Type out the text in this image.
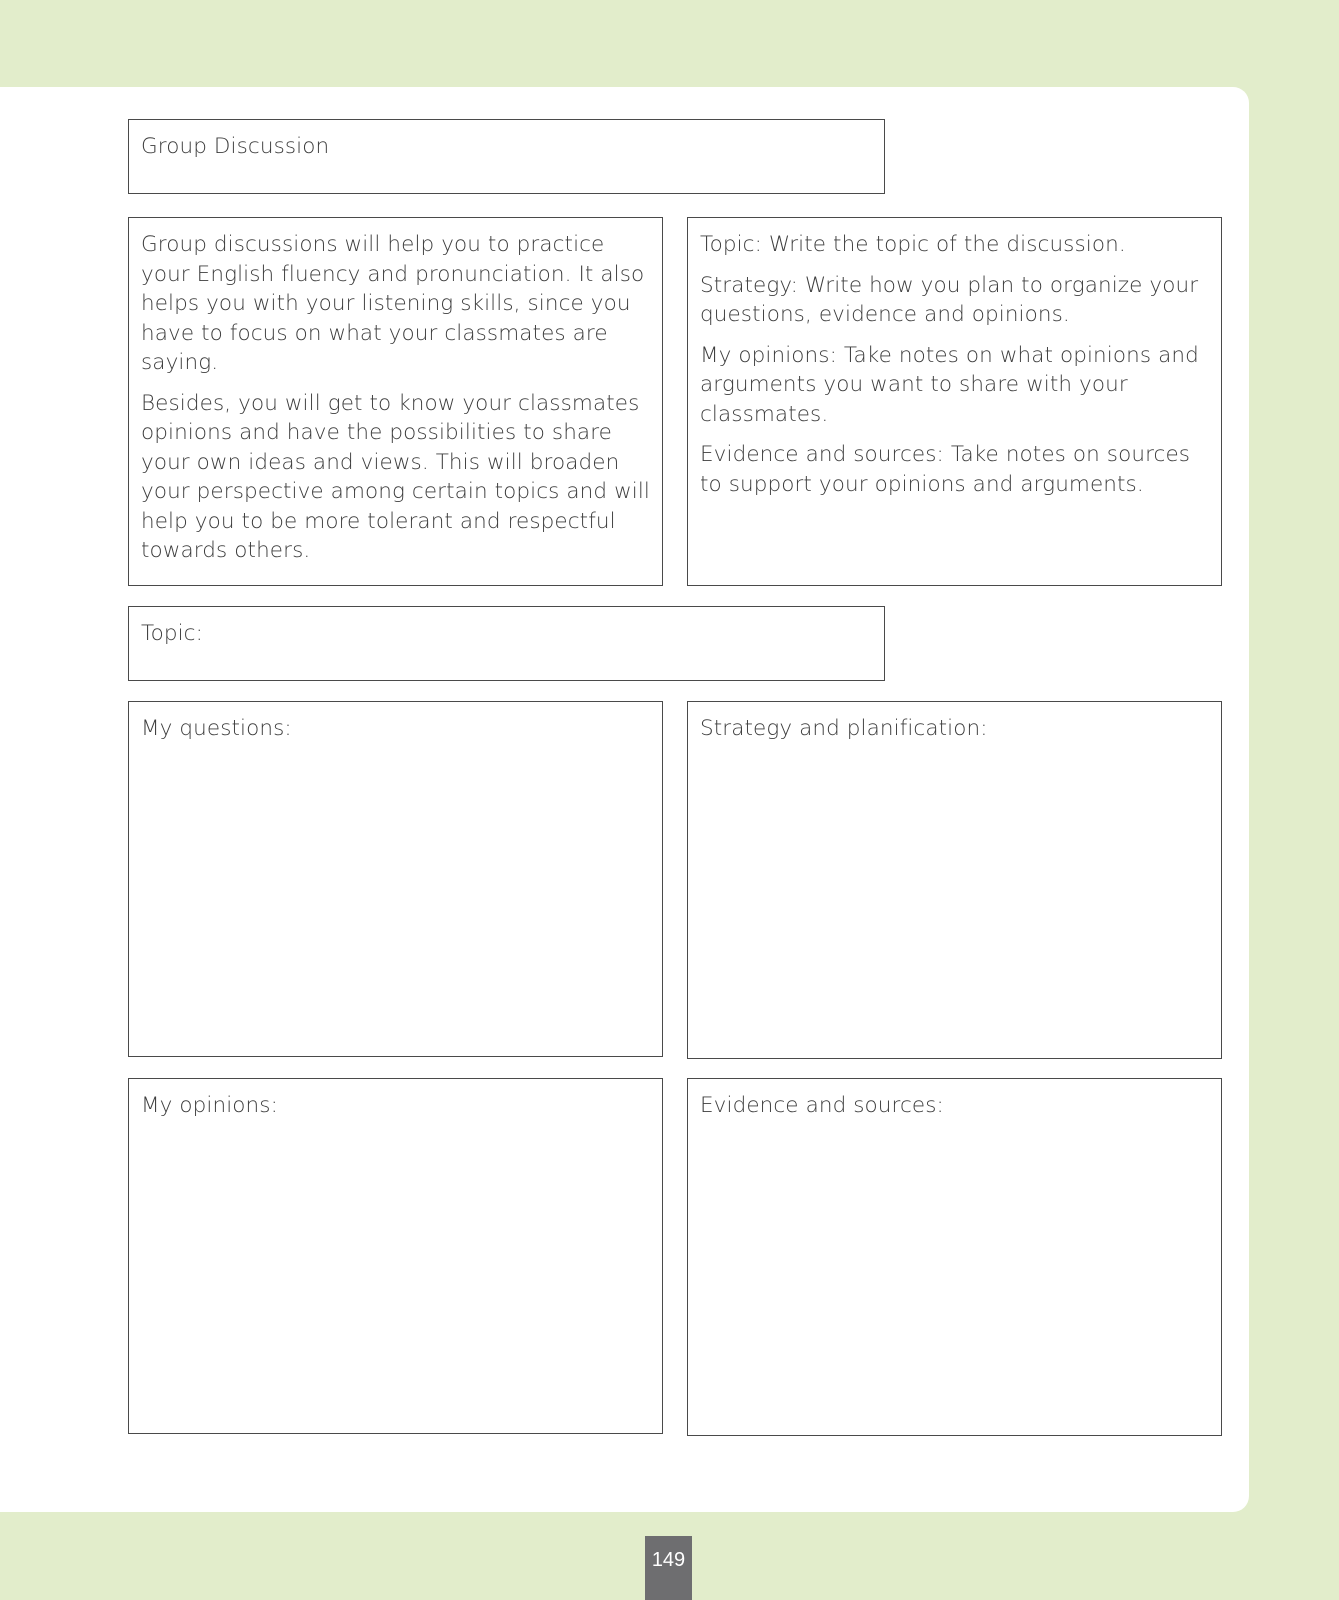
Group Discussion

Group discussions will help you to practice your English fluency and pronunciation. It also helps you with your listening skills, since you have to focus on what your classmates are saying.

Besides, you will get to know your classmates opinions and have the possibilities to share your own ideas and views. This will broaden your perspective among certain topics and will help you to be more tolerant and respectful towards others.

Topic: Write the topic of the discussion.

Strategy: Write how you plan to organize your questions, evidence and opinions.

My opinions: Take notes on what opinions and arguments you want to share with your classmates.

Evidence and sources: Take notes on sources to support your opinions and arguments.

Topic:
My questions:	Strategy and planification:
My opinions:	Evidence and sources:
149
